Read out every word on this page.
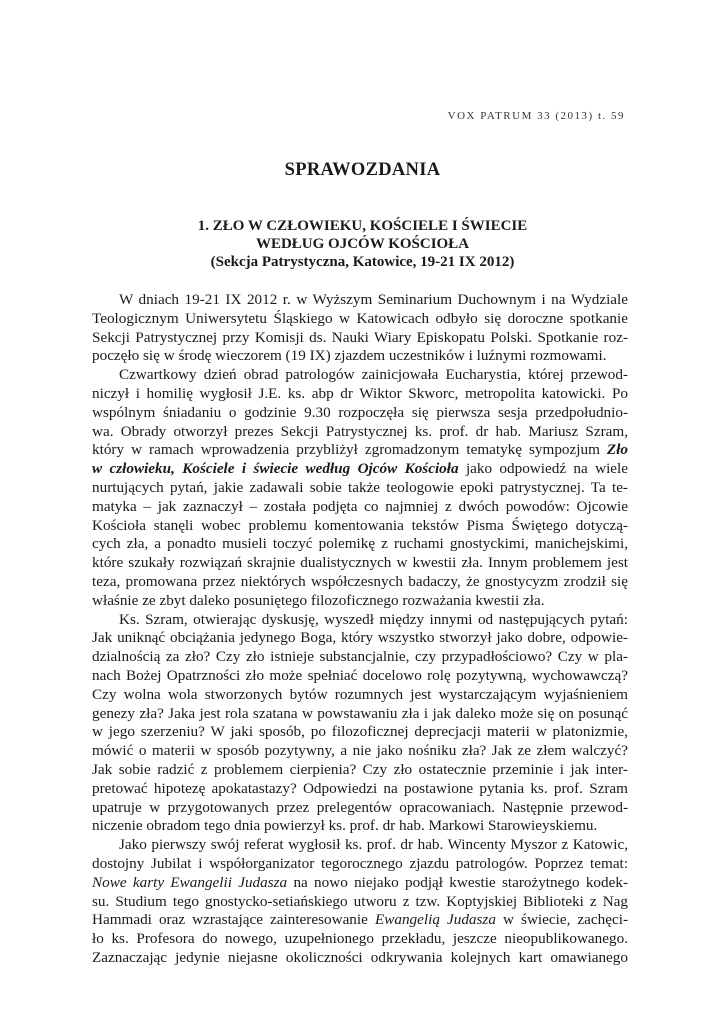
VOX PATRUM 33 (2013) t. 59
SPRAWOZDANIA
1. ZŁO W CZŁOWIEKU, KOŚCIELE I ŚWIECIE
WEDŁUG OJCÓW KOŚCIOŁA
(Sekcja Patrystyczna, Katowice, 19-21 IX 2012)

W dniach 19-21 IX 2012 r. w Wyższym Seminarium Duchownym i na Wydziale
Teologicznym Uniwersytetu Śląskiego w Katowicach odbyło się doroczne spotkanie
Sekcji Patrystycznej przy Komisji ds. Nauki Wiary Episkopatu Polski. Spotkanie roz-
poczęło się w środę wieczorem (19 IX) zjazdem uczestników i luźnymi rozmowami.

Czwartkowy dzień obrad patrologów zainicjowała Eucharystia, której przewod-
niczył i homilię wygłosił J.E. ks. abp dr Wiktor Skworc, metropolita katowicki. Po
wspólnym śniadaniu o godzinie 9.30 rozpoczęła się pierwsza sesja przedpołudnio-
wa. Obrady otworzył prezes Sekcji Patrystycznej ks. prof. dr hab. Mariusz Szram,
który w ramach wprowadzenia przybliżył zgromadzonym tematykę sympozjum Zło
w człowieku, Kościele i świecie według Ojców Kościoła jako odpowiedź na wiele
nurtujących pytań, jakie zadawali sobie także teologowie epoki patrystycznej. Ta te-
matyka – jak zaznaczył – została podjęta co najmniej z dwóch powodów: Ojcowie
Kościoła stanęli wobec problemu komentowania tekstów Pisma Świętego dotyczą-
cych zła, a ponadto musieli toczyć polemikę z ruchami gnostyckimi, manichejskimi,
które szukały rozwiązań skrajnie dualistycznych w kwestii zła. Innym problemem jest
teza, promowana przez niektórych współczesnych badaczy, że gnostycyzm zrodził się
właśnie ze zbyt daleko posuniętego filozoficznego rozważania kwestii zła.

Ks. Szram, otwierając dyskusję, wyszedł między innymi od następujących pytań:
Jak uniknąć obciążania jedynego Boga, który wszystko stworzył jako dobre, odpowie-
dzialnością za zło? Czy zło istnieje substancjalnie, czy przypadłościowo? Czy w pla-
nach Bożej Opatrzności zło może spełniać docelowo rolę pozytywną, wychowawczą?
Czy wolna wola stworzonych bytów rozumnych jest wystarczającym wyjaśnieniem
genezy zła? Jaka jest rola szatana w powstawaniu zła i jak daleko może się on posunąć
w jego szerzeniu? W jaki sposób, po filozoficznej deprecjacji materii w platonizmie,
mówić o materii w sposób pozytywny, a nie jako nośniku zła? Jak ze złem walczyć?
Jak sobie radzić z problemem cierpienia? Czy zło ostatecznie przeminie i jak inter-
pretować hipotezę apokatastazy? Odpowiedzi na postawione pytania ks. prof. Szram
upatruje w przygotowanych przez prelegentów opracowaniach. Następnie przewod-
niczenie obradom tego dnia powierzył ks. prof. dr hab. Markowi Starowieyskiemu.

Jako pierwszy swój referat wygłosił ks. prof. dr hab. Wincenty Myszor z Katowic,
dostojny Jubilat i współorganizator tegorocznego zjazdu patrologów. Poprzez temat:
Nowe karty Ewangelii Judasza na nowo niejako podjął kwestie starożytnego kodek-
su. Studium tego gnostycko-setiańskiego utworu z tzw. Koptyjskiej Biblioteki z Nag
Hammadi oraz wzrastające zainteresowanie Ewangelią Judasza w świecie, zachęci-
ło ks. Profesora do nowego, uzupełnionego przekładu, jeszcze nieopublikowanego.
Zaznaczając jedynie niejasne okoliczności odkrywania kolejnych kart omawianego
